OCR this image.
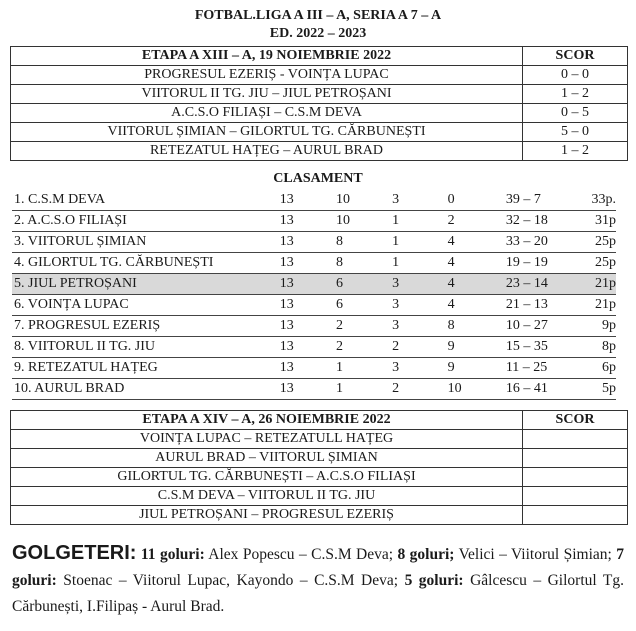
FOTBAL.LIGA A III – A, SERIA A 7 – A
ED. 2022 – 2023
ETAPA A XIII – A, 19 NOIEMBRIE 2022	SCOR
PROGRESUL EZERIȘ - VOINȚA LUPAC	0 – 0
VIITORUL II TG. JIU – JIUL PETROȘANI	1 – 2
A.C.S.O FILIAȘI – C.S.M DEVA	0 – 5
VIITORUL ȘIMIAN – GILORTUL TG. CĂRBUNEȘTI	5 – 0
RETEZATUL HAȚEG – AURUL BRAD	1 – 2
CLASAMENT
1. C.S.M DEVA	13	10	3	0	39 – 7	33p.
2. A.C.S.O FILIAȘI	13	10	1	2	32 – 18	31p
3. VIITORUL ȘIMIAN	13	8	1	4	33 – 20	25p
4. GILORTUL TG. CĂRBUNEȘTI	13	8	1	4	19 – 19	25p
5. JIUL PETROȘANI	13	6	3	4	23 – 14	21p
6. VOINȚA LUPAC	13	6	3	4	21 – 13	21p
7. PROGRESUL EZERIȘ	13	2	3	8	10 – 27	9p
8. VIITORUL II TG. JIU	13	2	2	9	15 – 35	8p
9. RETEZATUL HAȚEG	13	1	3	9	11 – 25	6p
10. AURUL BRAD	13	1	2	10	16 – 41	5p
ETAPA A XIV – A, 26 NOIEMBRIE 2022	SCOR
VOINȚA LUPAC – RETEZATULL HAȚEG	
AURUL BRAD – VIITORUL ȘIMIAN	
GILORTUL TG. CĂRBUNEȘTI – A.C.S.O FILIAȘI	
C.S.M DEVA – VIITORUL II TG. JIU	
JIUL PETROȘANI – PROGRESUL EZERIȘ	
GOLGETERI: 11 goluri: Alex Popescu – C.S.M Deva; 8 goluri; Velici – Viitorul Șimian; 7 goluri: Stoenac – Viitorul Lupac, Kayondo – C.S.M Deva; 5 goluri: Gâlcescu – Gilortul Tg. Cărbunești, I.Filipaș - Aurul Brad.
